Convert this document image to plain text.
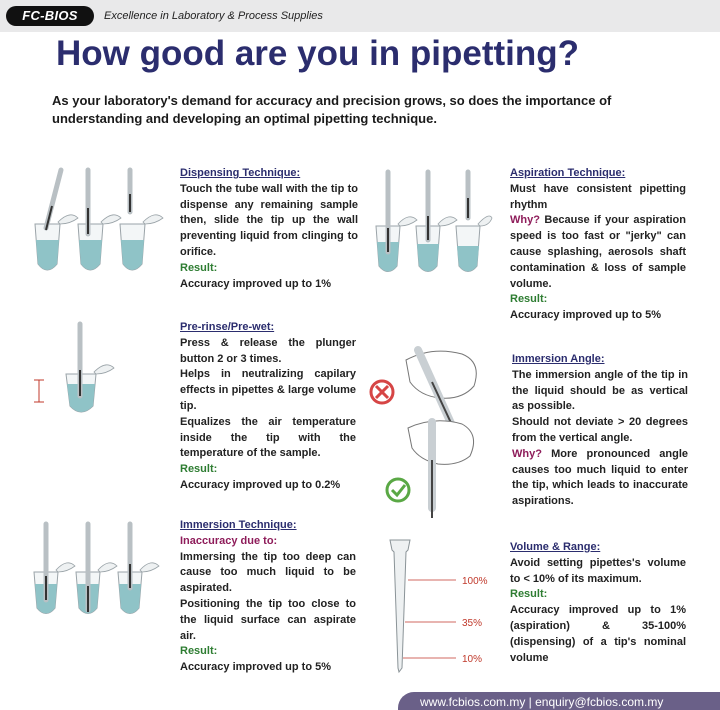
FC-BIOS	Excellence in Laboratory & Process Supplies
How good are you in pipetting?
As your laboratory's demand for accuracy and precision grows, so does the importance of
understanding and developing an optimal pipetting technique.
Dispensing Technique:

Touch the tube wall with the tip to dispense any remaining sample then, slide the tip up the wall preventing liquid from clinging to orifice.

Result:
Accuracy improved up to 1%
Aspiration Technique:

Must have consistent pipetting rhythm

Why? Because if your aspiration speed is too fast or "jerky" can cause splashing, aerosols shaft contamination & loss of sample volume.

Result:
Accuracy improved up to 5%
Pre-rinse/Pre-wet:

Press & release the plunger button 2 or 3 times.

Helps in neutralizing capilary effects in pipettes & large volume tip.

Equalizes the air temperature inside the tip with the temperature of the sample.

Result:
Accuracy improved up to 0.2%
Immersion Angle:

The immersion angle of the tip in the liquid should be as vertical as possible.

Should not deviate > 20 degrees from the vertical angle.

Why? More pronounced angle causes too much liquid to enter the tip, which leads to inaccurate aspirations.

Immersion Technique:
Inaccuracy due to:

Immersing the tip too deep can cause too much liquid to be aspirated.

Positioning the tip too close to the liquid surface can aspirate air.

Result:
Accuracy improved up to 5%
100%
35%
10%
Volume & Range:

Avoid setting pipettes's volume to < 10% of its maximum.

Result:

Accuracy improved up to 1% (aspiration) & 35-100% (dispensing) of a tip's nominal volume

www.fcbios.com.my | enquiry@fcbios.com.my
